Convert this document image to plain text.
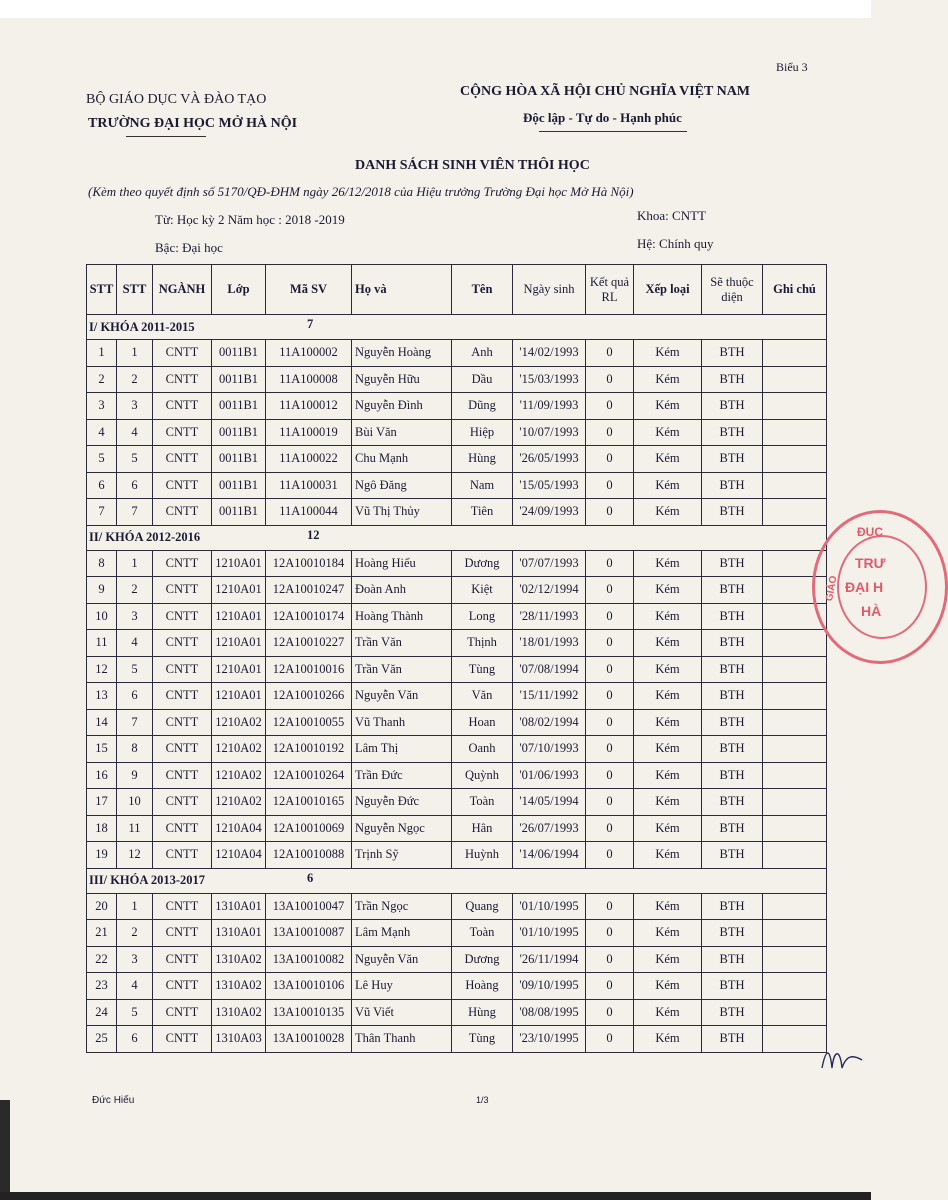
Biểu 3
BỘ GIÁO DỤC VÀ ĐÀO TẠO
TRƯỜNG ĐẠI HỌC MỞ HÀ NỘI
CỘNG HÒA XÃ HỘI CHỦ NGHĨA VIỆT NAM
Độc lập - Tự do - Hạnh phúc
DANH SÁCH SINH VIÊN THÔI HỌC
(Kèm theo quyết định số 5170/QĐ-ĐHM ngày 26/12/2018 của Hiệu trưởng Trường Đại học Mở Hà Nội)
Từ: Học kỳ 2 Năm học : 2018 -2019	Khoa: CNTT
Bậc: Đại học	Hệ: Chính quy
STT	STT	NGÀNH	Lớp	Mã SV	Họ và	Tên	Ngày sinh	Kết quả RL	Xếp loại	Sẽ thuộc diện	Ghi chú
I/ KHÓA 2011-2015 7											

1	1	CNTT	0011B1	11A100002	Nguyễn Hoàng	Anh	'14/02/1993	0	Kém	BTH	
2	2	CNTT	0011B1	11A100008	Nguyễn Hữu	Dầu	'15/03/1993	0	Kém	BTH	
3	3	CNTT	0011B1	11A100012	Nguyễn Đình	Dũng	'11/09/1993	0	Kém	BTH	
4	4	CNTT	0011B1	11A100019	Bùi Văn	Hiệp	'10/07/1993	0	Kém	BTH	
5	5	CNTT	0011B1	11A100022	Chu Mạnh	Hùng	'26/05/1993	0	Kém	BTH	
6	6	CNTT	0011B1	11A100031	Ngô Đăng	Nam	'15/05/1993	0	Kém	BTH	
7	7	CNTT	0011B1	11A100044	Vũ Thị Thủy	Tiên	'24/09/1993	0	Kém	BTH	
II/ KHÓA 2012-2016 12											

8	1	CNTT	1210A01	12A10010184	Hoàng Hiếu	Dương	'07/07/1993	0	Kém	BTH	
9	2	CNTT	1210A01	12A10010247	Đoàn Anh	Kiệt	'02/12/1994	0	Kém	BTH	
10	3	CNTT	1210A01	12A10010174	Hoàng Thành	Long	'28/11/1993	0	Kém	BTH	
11	4	CNTT	1210A01	12A10010227	Trần Văn	Thịnh	'18/01/1993	0	Kém	BTH	
12	5	CNTT	1210A01	12A10010016	Trần Văn	Tùng	'07/08/1994	0	Kém	BTH	
13	6	CNTT	1210A01	12A10010266	Nguyễn Văn	Văn	'15/11/1992	0	Kém	BTH	
14	7	CNTT	1210A02	12A10010055	Vũ Thanh	Hoan	'08/02/1994	0	Kém	BTH	
15	8	CNTT	1210A02	12A10010192	Lâm Thị	Oanh	'07/10/1993	0	Kém	BTH	
16	9	CNTT	1210A02	12A10010264	Trần Đức	Quỳnh	'01/06/1993	0	Kém	BTH	
17	10	CNTT	1210A02	12A10010165	Nguyễn Đức	Toàn	'14/05/1994	0	Kém	BTH	
18	11	CNTT	1210A04	12A10010069	Nguyễn Ngọc	Hân	'26/07/1993	0	Kém	BTH	
19	12	CNTT	1210A04	12A10010088	Trịnh Sỹ	Huỳnh	'14/06/1994	0	Kém	BTH	
III/ KHÓA 2013-2017 6											

20	1	CNTT	1310A01	13A10010047	Trần Ngọc	Quang	'01/10/1995	0	Kém	BTH	
21	2	CNTT	1310A01	13A10010087	Lâm Mạnh	Toàn	'01/10/1995	0	Kém	BTH	
22	3	CNTT	1310A02	13A10010082	Nguyễn Văn	Dương	'26/11/1994	0	Kém	BTH	
23	4	CNTT	1310A02	13A10010106	Lê Huy	Hoàng	'09/10/1995	0	Kém	BTH	
24	5	CNTT	1310A02	13A10010135	Vũ Viết	Hùng	'08/08/1995	0	Kém	BTH	
25	6	CNTT	1310A03	13A10010028	Thân Thanh	Tùng	'23/10/1995	0	Kém	BTH	
ĐỤC
GIÁO
TRƯ
ĐẠI H
HÀ
Đức Hiếu	1/3
